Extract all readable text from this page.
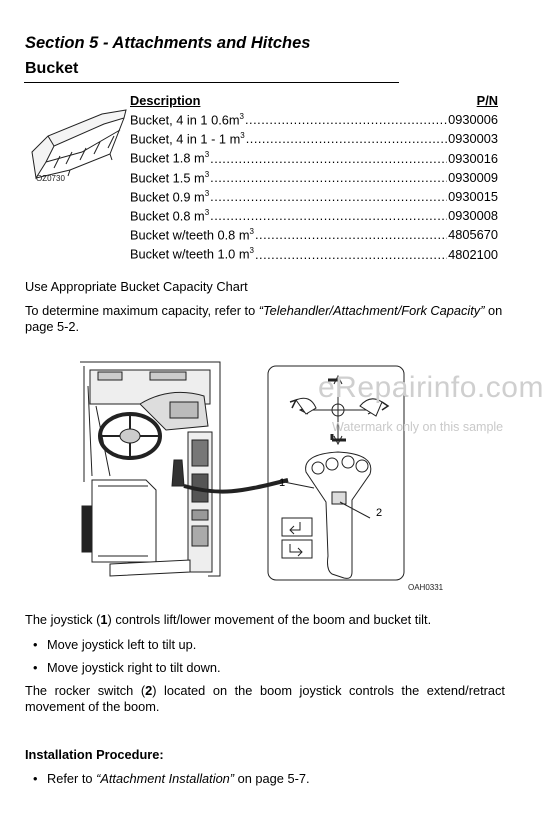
Section 5 - Attachments and Hitches
Bucket
OZ0730
Description	P/N
Bucket, 4 in 1 $0.6m^3$ .....	0930006
Bucket, 4 in 1 - 1 $m^3$ .....	0930003
Bucket 1.8 $m^3$ .....	0930016
Bucket 1.5 $m^3$ .....	0930009
Bucket 0.9 $m^3$ .....	0930015
Bucket 0.8 $m^3$ .....	0930008
Bucket w/teeth 0.8 $m^3$ .....	4805670
Bucket w/teeth 1.0 $m^3$ .....	4802100
Use Appropriate Bucket Capacity Chart
To determine maximum capacity, refer to “Telehandler/Attachment/Fork Capacity” on page 5-2.
1
2
OAH0331
eRepairinfo.com
Watermark only on this sample
The joystick (1) controls lift/lower movement of the boom and bucket tilt.
• Move joystick left to tilt up.
• Move joystick right to tilt down.
The rocker switch (2) located on the boom joystick controls the extend/retract movement of the boom.
Installation Procedure:
• Refer to “Attachment Installation” on page 5-7.
